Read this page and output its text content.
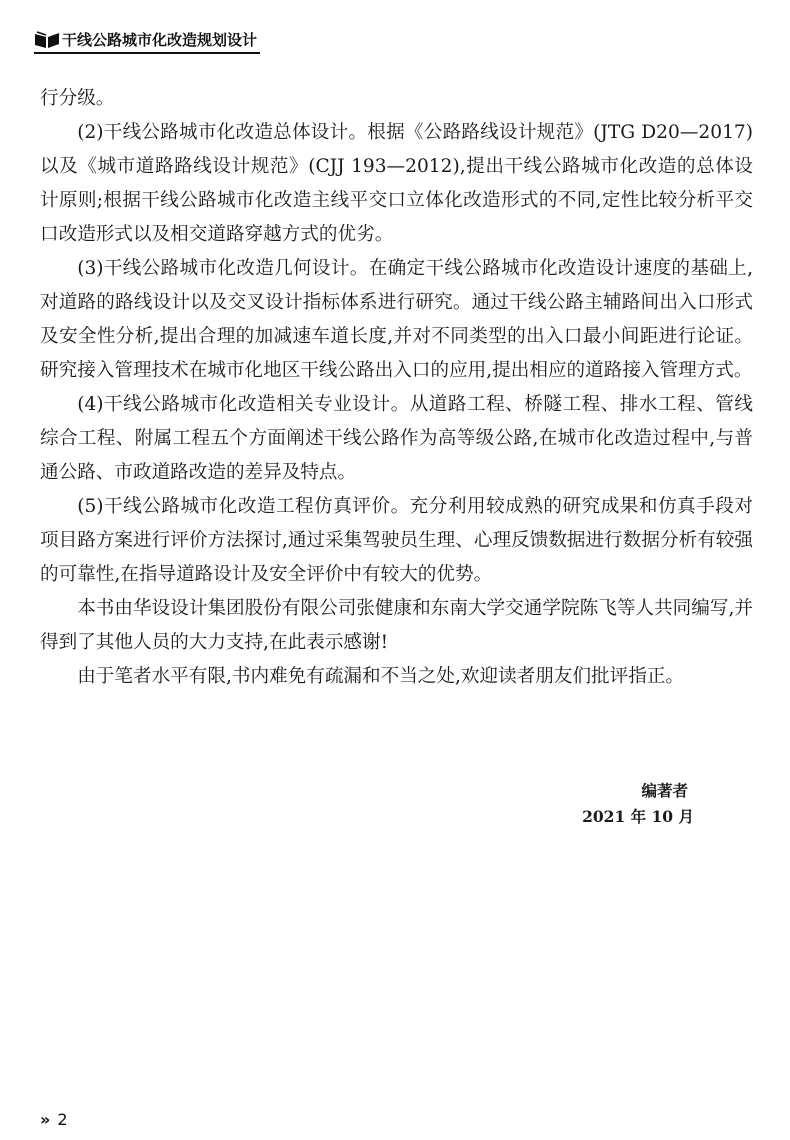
干线公路城市化改造规划设计

行分级。

(2)干线公路城市化改造总体设计。根据《公路路线设计规范》(JTG D20—2017)以及《城市道路路线设计规范》(CJJ 193—2012),提出干线公路城市化改造的总体设计原则;根据干线公路城市化改造主线平交口立体化改造形式的不同,定性比较分析平交口改造形式以及相交道路穿越方式的优劣。

(3)干线公路城市化改造几何设计。在确定干线公路城市化改造设计速度的基础上,对道路的路线设计以及交叉设计指标体系进行研究。通过干线公路主辅路间出入口形式及安全性分析,提出合理的加减速车道长度,并对不同类型的出入口最小间距进行论证。研究接入管理技术在城市化地区干线公路出入口的应用,提出相应的道路接入管理方式。

(4)干线公路城市化改造相关专业设计。从道路工程、桥隧工程、排水工程、管线综合工程、附属工程五个方面阐述干线公路作为高等级公路,在城市化改造过程中,与普通公路、市政道路改造的差异及特点。

(5)干线公路城市化改造工程仿真评价。充分利用较成熟的研究成果和仿真手段对项目路方案进行评价方法探讨,通过采集驾驶员生理、心理反馈数据进行数据分析有较强的可靠性,在指导道路设计及安全评价中有较大的优势。

本书由华设设计集团股份有限公司张健康和东南大学交通学院陈飞等人共同编写,并得到了其他人员的大力支持,在此表示感谢!

由于笔者水平有限,书内难免有疏漏和不当之处,欢迎读者朋友们批评指正。

编著者
2021 年 10 月
» 2
